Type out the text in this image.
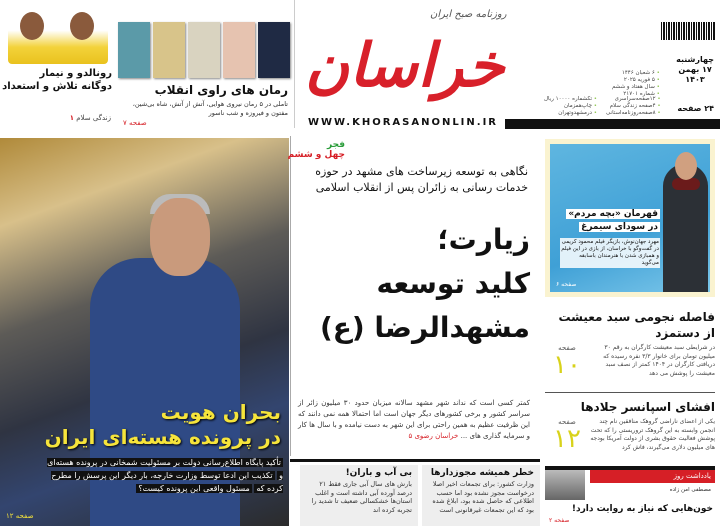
رونالدو و نیمار
دوگانه تلاش و استعداد
زندگی سلام ۱
رمان های راوی انقلاب
تاملی در ۵ رمان نیروی هوایی، آتش از آتش، شاه بی‌شین، مفتون و فیروزه و شب ناسور
صفحه ۷
روزنامه صبح ایران
خراسان	• ۶ شعبان ۱۴۴۶
• ۵ فوریه ۲۰۲۵
• سال هفتاد و ششم
• شماره ۲۱۷۰۱
• ۱۲صفحه‌سراسری
• ۴صفحه زندگی سلام
• ۸صفحه‌روزنامه‌استانی
• تکشماره ۱۰۰۰۰ ریال
• چاپ‌همزمان
• درمشهدوتهران
WWW.KHORASANONLIN.IR
چهارشنبه
۱۷ بهمن
۱۴۰۳
۲۴ صفحه
بحران هویت
در پرونده هسته‌ای ایران
تأکید پایگاه اطلاع‌رسانی دولت بر مسئولیت شمخانی در پرونده هسته‌ای و تکذیب این ادعا توسط وزارت خارجه، بار دیگر این پرسش را مطرح کرده که مسئول واقعی این پرونده کیست؟
صفحه ۱۲
فجر
چهل و ششم
نگاهی به توسعه زیرساخت های مشهد در حوزه خدمات رسانی به زائران پس از انقلاب اسلامی
زیارت؛
کلید توسعه
مشهدالرضا (ع)
کمتر کسی است که نداند شهر مشهد سالانه میزبان حدود ۳۰ میلیون زائر از سراسر کشور و برخی کشورهای دیگر جهان است اما احتمالا همه نمی دانند که این ظرفیت عظیم به همین راحتی برای این شهر به دست نیامده و با سال ها کار و سرمایه گذاری های ... خراسان رضوی ۵
خطر همیشه مجوزدارها

وزارت کشور: برای تجمعات اخیر اصلا درخواست مجوز نشده بود اما حسب اطلاعی که حاصل شده بود، ابلاغ شده بود که این تجمعات غیرقانونی است

بی آب و باران!

بارش های سال آبی جاری فقط ۲۱ درصد آورده آبی داشته است و اغلب استان‌ها خشکسالی ضعیف تا شدید را تجربه کرده اند

قهرمان «بچه مردم»
در سودای سیمرغ
مهرد جهان‌نوش، بازیگر فیلم محمود کریمی در گفت‌وگو با خراسان، از بازی در این فیلم و همبازی شدن با هنرمندان باسابقه می‌گوید
صفحه ۶
فاصله نجومی سبد معیشت از دستمزد

در شرایطی سبد معیشت کارگران به رقم ۳۰ میلیون تومان برای خانوار ۳/۳ نفره رسیده که دریافتی کارگران در ۱۴۰۴ کمتر از نصف سبد معیشت را پوشش می دهد

صفحه
۱۰
افشای اسپانسر جلادها

یکی از اعضای ناراضی گروهک منافقین نام چند انجمن وابسته به این گروهک تروریستی را که تحت پوشش فعالیت حقوق بشری از دولت آمریکا بودجه های میلیون دلاری می‌گیرند، فاش کرد

صفحه
۱۲
یادداشت روز
مصطفی امن زاده
خون‌هایی که نیاز به روایت دارد!
صفحه ۲
